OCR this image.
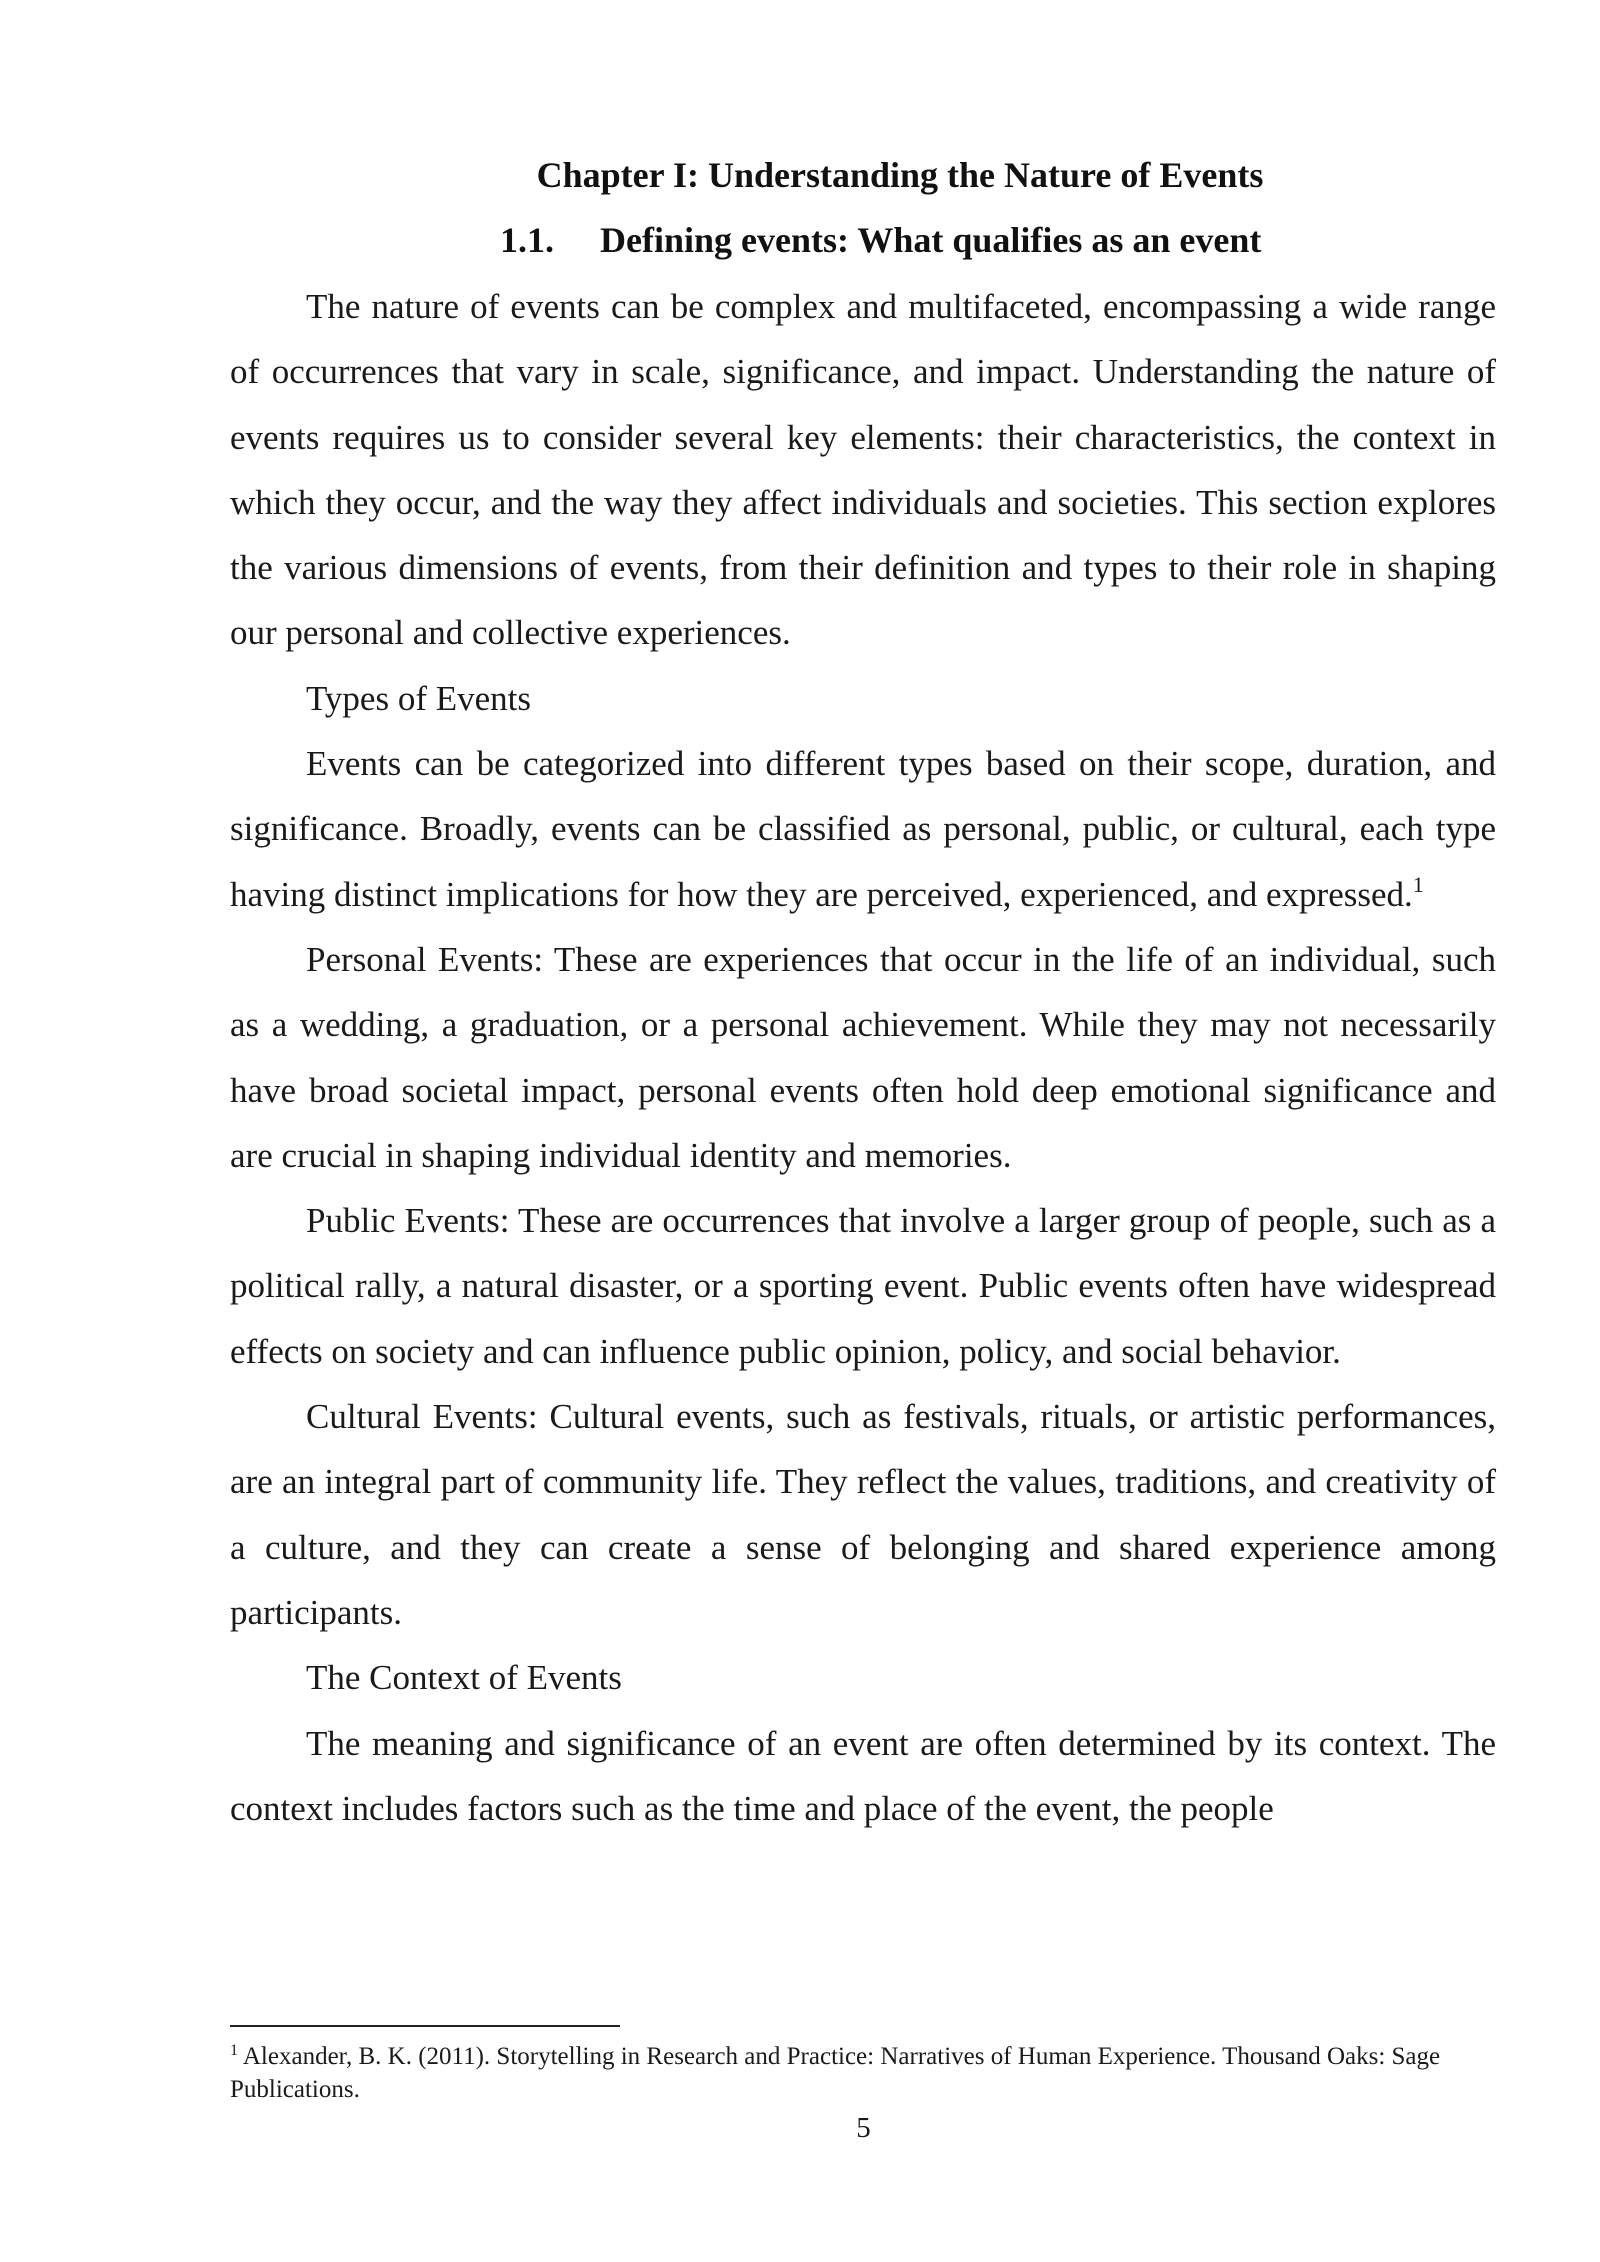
Chapter I: Understanding the Nature of Events
1.1. Defining events: What qualifies as an event

The nature of events can be complex and multifaceted, encompassing a wide range of occurrences that vary in scale, significance, and impact. Understanding the nature of events requires us to consider several key elements: their characteristics, the context in which they occur, and the way they affect individuals and societies. This section explores the various dimensions of events, from their definition and types to their role in shaping our personal and collective experiences.

Types of Events

Events can be categorized into different types based on their scope, duration, and significance. Broadly, events can be classified as personal, public, or cultural, each type having distinct implications for how they are perceived, experienced, and expressed.$^1$

Personal Events: These are experiences that occur in the life of an individual, such as a wedding, a graduation, or a personal achievement. While they may not necessarily have broad societal impact, personal events often hold deep emotional significance and are crucial in shaping individual identity and memories.

Public Events: These are occurrences that involve a larger group of people, such as a political rally, a natural disaster, or a sporting event. Public events often have widespread effects on society and can influence public opinion, policy, and social behavior.

Cultural Events: Cultural events, such as festivals, rituals, or artistic performances, are an integral part of community life. They reflect the values, traditions, and creativity of a culture, and they can create a sense of belonging and shared experience among participants.

The Context of Events

The meaning and significance of an event are often determined by its context. The context includes factors such as the time and place of the event, the people

$^1$ Alexander, B. K. (2011). Storytelling in Research and Practice: Narratives of Human Experience. Thousand Oaks: Sage Publications.
5
